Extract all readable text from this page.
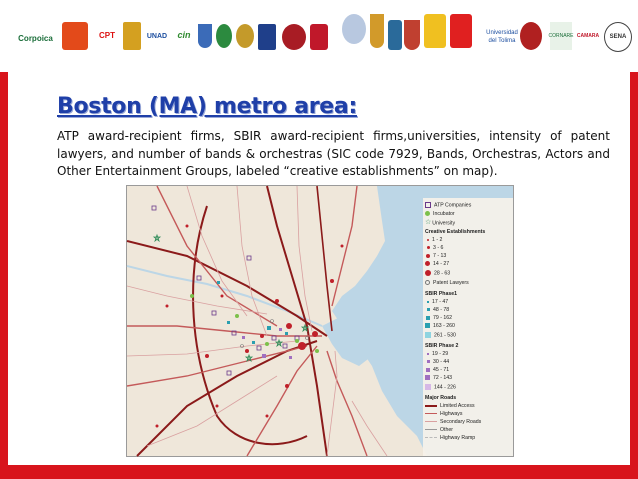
Corpoica	CPT	UNAD cin	Universidad del Tolima
CORNARE CAMARA SENA
Boston (MA) metro area:
ATP award-recipient firms, SBIR award-recipient firms,universities, intensity of patent lawyers, and number of bands & orchestras (SIC code 7929, Bands, Orchestras, Actors and Other Entertainment Groups, labeled “creative establishments” on map).
ATP Companies
Incubator
☆University
Creative Establishments
1 - 2
3 - 6
7 - 13
14 - 27
28 - 63
Patent Lawyers
SBIR Phase1
17 - 47
48 - 78
79 - 162
163 - 260
261 - 530
SBIR Phase 2
19 - 29
30 - 44
45 - 71
72 - 143
144 - 226
Major Roads
Limited Access
Highways
Secondary Roads
Other
Highway Ramp
